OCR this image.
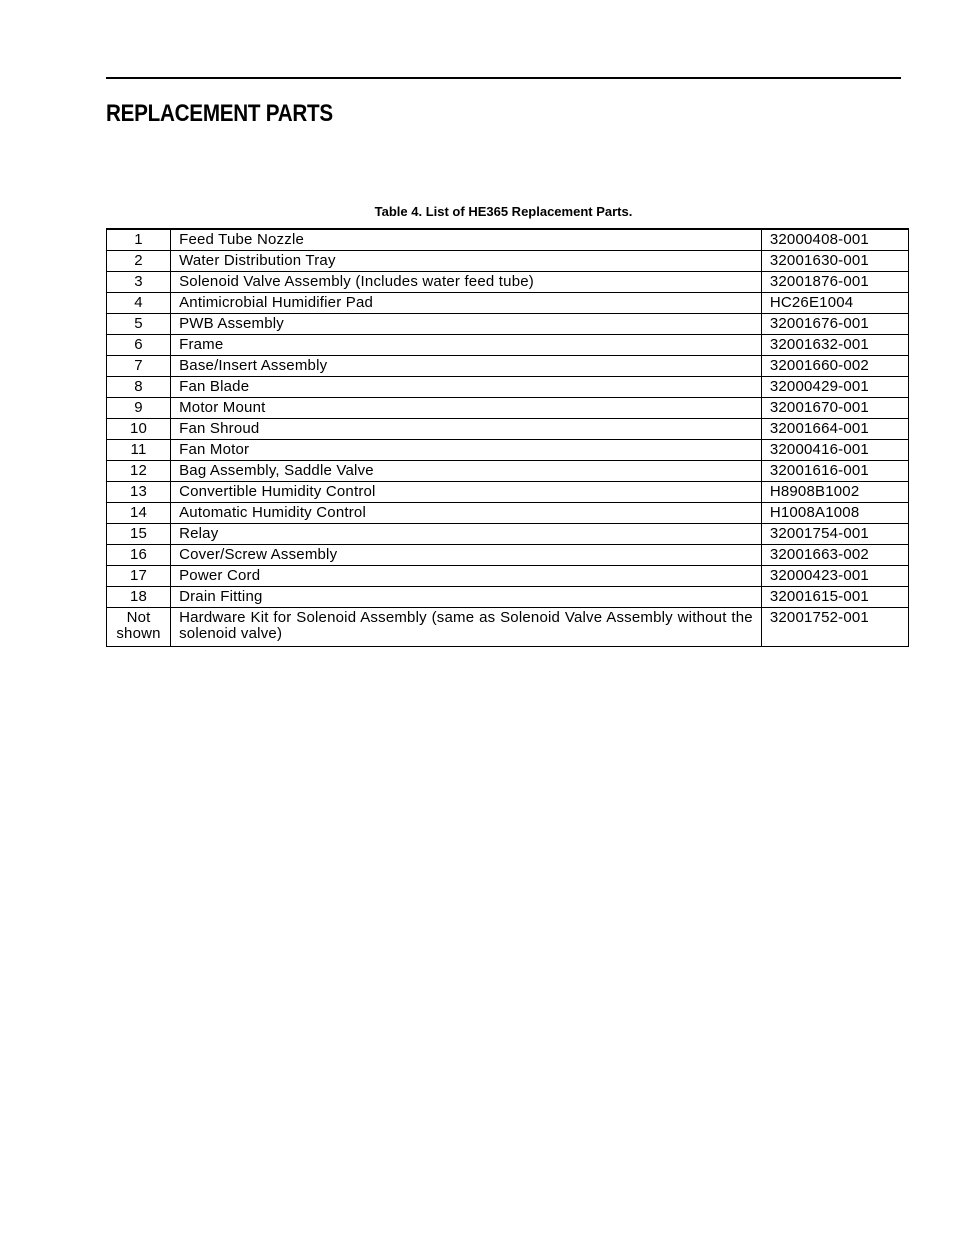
REPLACEMENT PARTS
Table 4. List of HE365 Replacement Parts.
1	Feed Tube Nozzle	32000408-001
2	Water Distribution Tray	32001630-001
3	Solenoid Valve Assembly (Includes water feed tube)	32001876-001
4	Antimicrobial Humidifier Pad	HC26E1004
5	PWB Assembly	32001676-001
6	Frame	32001632-001
7	Base/Insert Assembly	32001660-002
8	Fan Blade	32000429-001
9	Motor Mount	32001670-001
10	Fan Shroud	32001664-001
11	Fan Motor	32000416-001
12	Bag Assembly, Saddle Valve	32001616-001
13	Convertible Humidity Control	H8908B1002
14	Automatic Humidity Control	H1008A1008
15	Relay	32001754-001
16	Cover/Screw Assembly	32001663-002
17	Power Cord	32000423-001
18	Drain Fitting	32001615-001
Not shown	Hardware Kit for Solenoid Assembly (same as Solenoid Valve Assembly without the solenoid valve)	32001752-001
